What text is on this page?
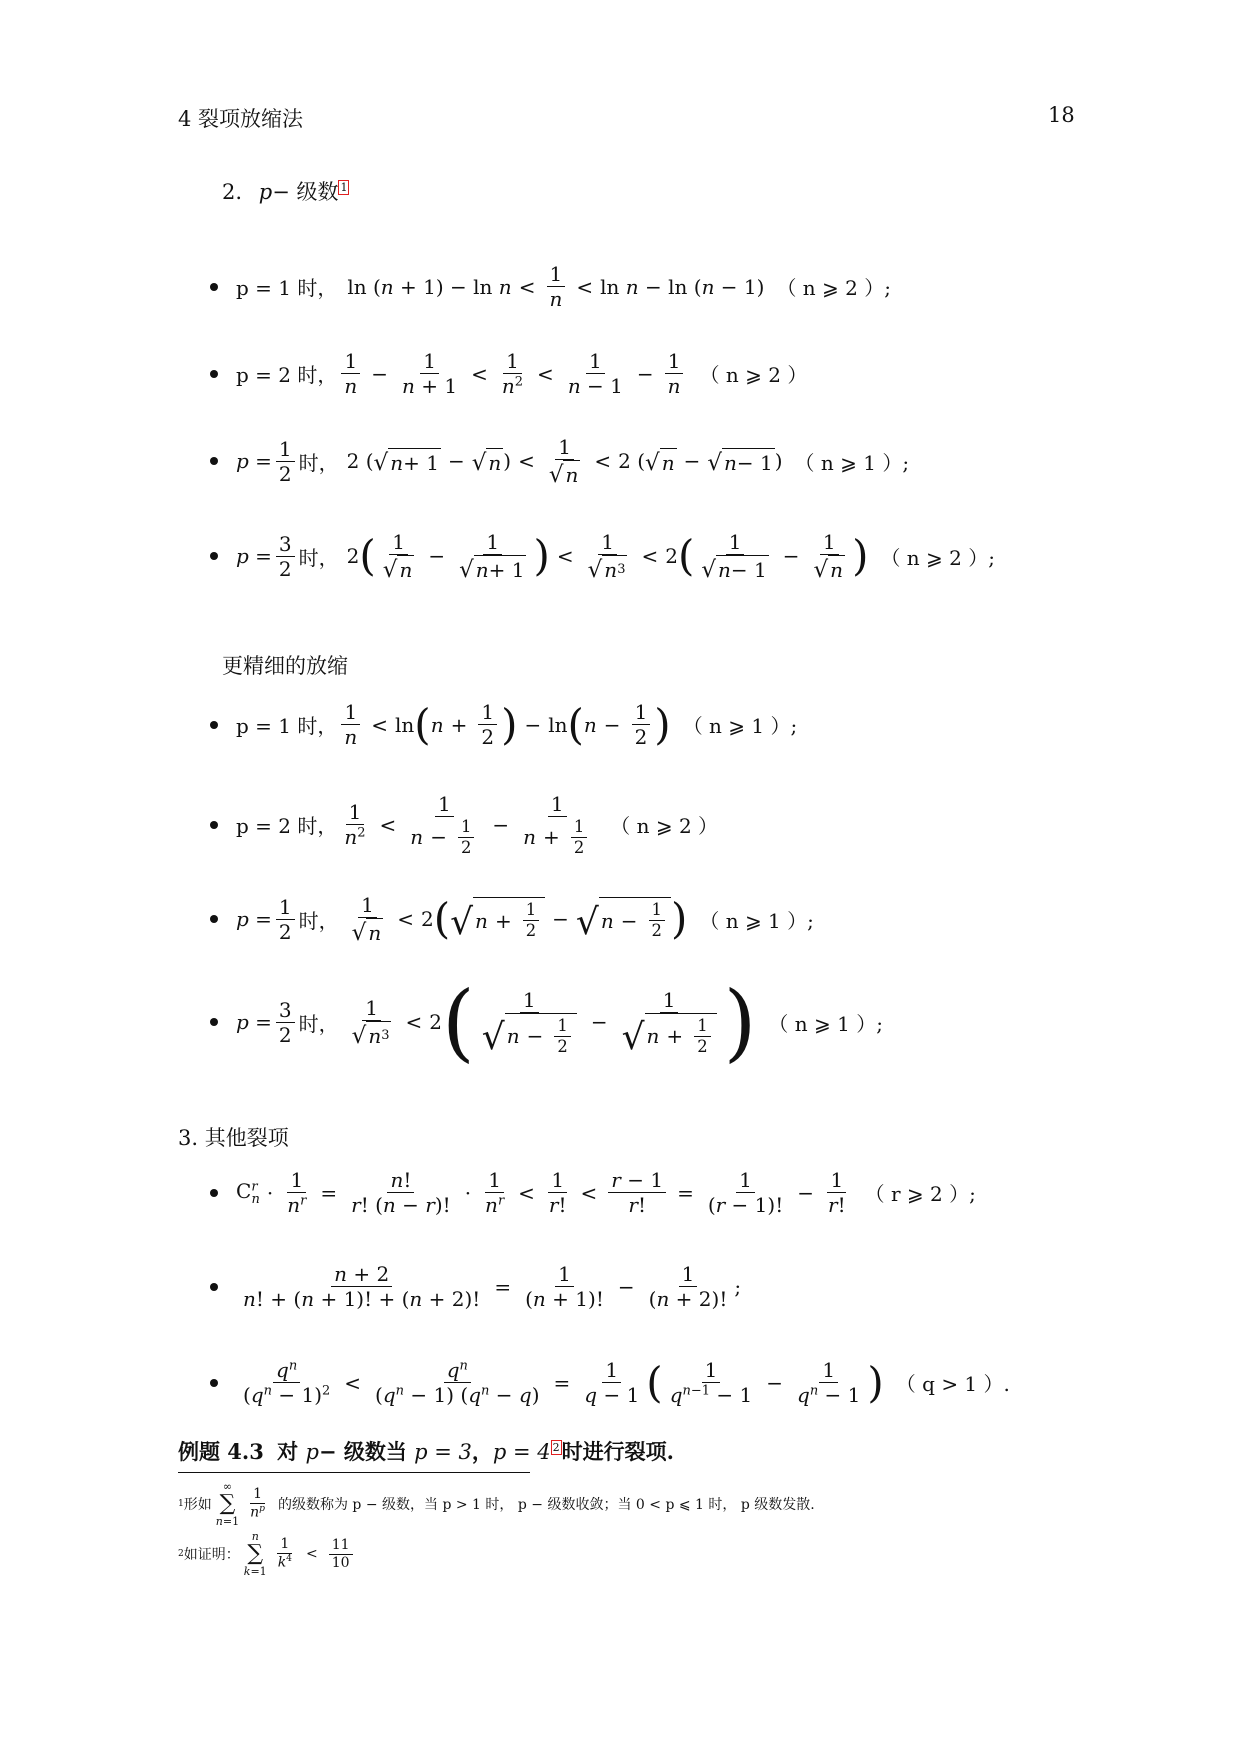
4 裂项放缩法	18
2. p− 级数 1
p = 1 时， ln (n + 1) − ln n <
1
n
< ln n − ln (n − 1) （ n ⩾ 2 ）;
p = 2 时，
1
n
− $\frac{1}{n + 1}$ <
1
$n^2$ <
1
n − 1
− $\frac{1}{n}$ （ n ⩾ 2 ）
$p = \frac{1}{2}$ 时， 2 ( √ n + 1 − √ n ) <
1
√ n
< 2 ( √ n − √ n − 1 ) （ n ⩾ 1 ）;
$p = \frac{3}{2}$ 时， 2 ( 1
√ n
− $\frac{1}{√ n + 1}$ ) <
1
√ n 3
< 2 ( 1
√ n − 1
− $\frac{1}{√ n}$ ) （ n ⩾ 2 ）;
更精细的放缩
p = 1 时，
1
n
< ln ( $n + \frac{1}{2}$ ) − ln ( $n - \frac{1}{2}$ ) （ n ⩾ 1 ）;
p = 2 时，
1
$n^2$ <
1
$n - \frac{1}{2} - \frac{1}{n + \frac{1}{2}}$ （ n ⩾ 2 ）
$p = \frac{1}{2}$ 时，
1
√ n
< 2 ( √ $n + \frac{1}{2}$ − √ $n - \frac{1}{2}$ ) （ n ⩾ 1 ）;
$p = \frac{3}{2}$ 时，
1
√ n 3
< 2 ( 1
√ $n - \frac{1}{2} - \frac{1}{√ n + \frac{1}{2}}$ ) （ n ⩾ 1 ）;
3. 其他裂项
$C^r_n \cdot \frac{1}{n^r} = \frac{n!}{r! (n - r)!}$ ·
1
$n^r$ <
1
r!
< $\frac{r - 1}{r!} = \frac{1}{(r - 1)!} - \frac{1}{r!}$ （ r ⩾ 2 ）;
$\frac{n + 2}{n! + (n + 1)! + (n + 2)!} = \frac{1}{(n + 1)!} - \frac{1}{(n + 2)!}$ ;
$q^n$
$(q^n - 1)^2 < \frac{q^n}{(q^n - 1) (q^n - q)} = \frac{1}{q - 1}$ ( 1
$q^{n-1} - 1$
− $\frac{1}{q^n - 1}$ ) （ q > 1 ）.
例题 4.3 对 p− 级数当 p = 3，p = 4 2时进行裂项.
1 形如
∞
∑
n=1
1
$n^p$ 的级数称为 p − 级数，当 p > 1 时， p − 级数收敛；当 0 < p ⩽ 1 时， p 级数发散.
2 如证明：
n
∑
k=1
1
$k^4$ <
11
10
